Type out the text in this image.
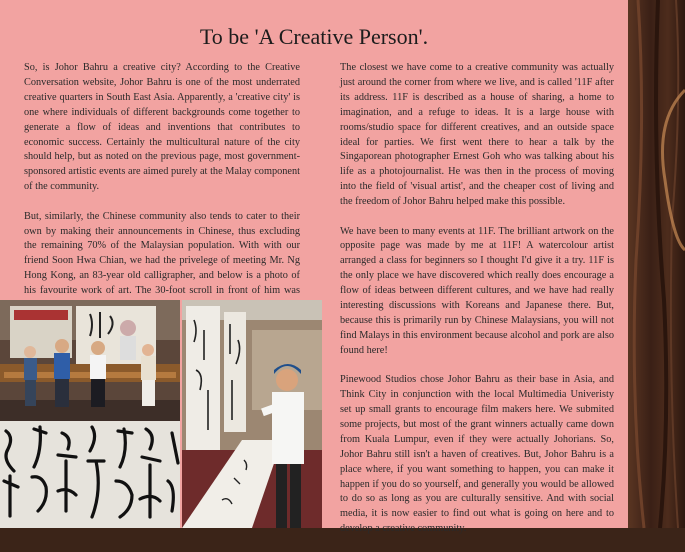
To be 'A Creative Person'.

So, is Johor Bahru a creative city? According to the Creative Conversation website, Johor Bahru is one of the most underrated creative quarters in South East Asia. Apparently, a 'creative city' is one where individuals of different backgrounds come together to generate a flow of ideas and inventions that contributes to economic success. Certainly the multicultural nature of the city should help, but as noted on the previous page, most government-sponsored artistic events are aimed purely at the Malay component of the community.

But, similarly, the Chinese community also tends to cater to their own by making their announcements in Chinese, thus excluding the remaining 70% of the Malaysian population. With with our friend Soon Hwa Chian, we had the privelege of meeting Mr. Ng Hong Kong, an 83-year old calligrapher, and below is a photo of his favourite work of art. The 30-foot scroll in front of him was

The closest we have come to a creative community was actually just around the corner from where we live, and is called '11F after its address. 11F is described as a house of sharing, a home to imagination, and a refuge to ideas. It is a large house with rooms/studio space for different creatives, and an outside space ideal for parties. We first went there to hear a talk by the Singaporean photographer Ernest Goh who was talking about his life as a photojournalist. He was then in the process of moving into the field of 'visual artist', and the cheaper cost of living and the freedom of Johor Bahru helped make this possible.

We have been to many events at 11F. The brilliant artwork on the opposite page was made by me at 11F! A watercolour artist arranged a class for beginners so I thought I'd give it a try. 11F is the only place we have discovered which really does encourage a flow of ideas between different cultures, and we have had really interesting discussions with Koreans and Japanese there. But, because this is primarily run by Chinese Malaysians, you will not find Malays in this environment because alcohol and pork are also found here!

Pinewood Studios chose Johor Bahru as their base in Asia, and Think City in conjunction with the local Multimedia Univeristy set up small grants to encourage film makers here. We submited some projects, but most of the grant winners actually came down from Kuala Lumpur, even if they were actually Johorians. So, Johor Bahru still isn't a haven of creatives. But, Johor Bahru is a place where, if you want something to happen, you can make it happen if you do so yourself, and generally you would be allowed to do so as long as you are culturally sensitive. And with social media, it is now easier to find out what is going on here and to develop a creative community.
